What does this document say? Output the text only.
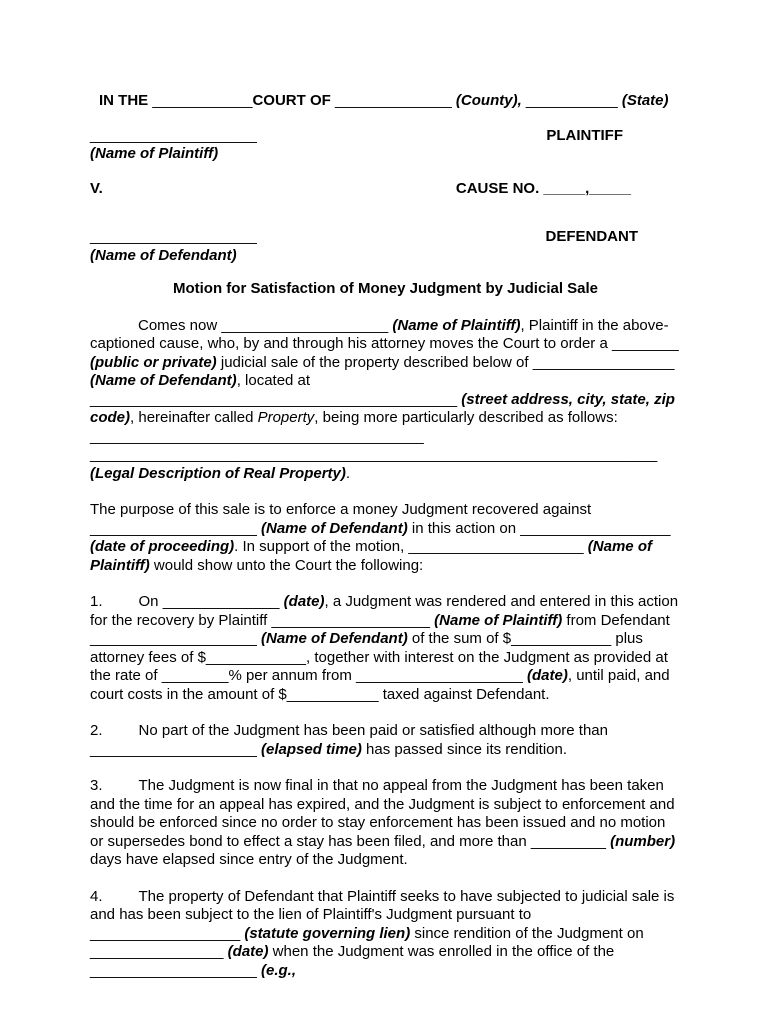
IN THE ____________COURT OF ______________ (County), ___________ (State)
____________________
(Name of Plaintiff)
PLAINTIFF
V.	CAUSE NO. _____,_____
____________________
(Name of Defendant)
DEFENDANT
Motion for Satisfaction of Money Judgment by Judicial Sale
Comes now ____________________ (Name of Plaintiff), Plaintiff in the above-captioned cause, who, by and through his attorney moves the Court to order a ________ (public or private) judicial sale of the property described below of _________________ (Name of Defendant), located at ____________________________________________ (street address, city, state, zip code), hereinafter called Property, being more particularly described as follows: ________________________________________ ____________________________________________________________________ (Legal Description of Real Property).
The purpose of this sale is to enforce a money Judgment recovered against ____________________ (Name of Defendant) in this action on __________________ (date of proceeding). In support of the motion, _____________________ (Name of Plaintiff) would show unto the Court the following:
1. On ______________ (date), a Judgment was rendered and entered in this action for the recovery by Plaintiff ___________________ (Name of Plaintiff) from Defendant ____________________ (Name of Defendant) of the sum of $____________ plus attorney fees of $____________, together with interest on the Judgment as provided at the rate of ________% per annum from ____________________ (date), until paid, and court costs in the amount of $___________ taxed against Defendant.
2. No part of the Judgment has been paid or satisfied although more than ____________________ (elapsed time) has passed since its rendition.
3. The Judgment is now final in that no appeal from the Judgment has been taken and the time for an appeal has expired, and the Judgment is subject to enforcement and should be enforced since no order to stay enforcement has been issued and no motion or supersedes bond to effect a stay has been filed, and more than _________ (number) days have elapsed since entry of the Judgment.
4. The property of Defendant that Plaintiff seeks to have subjected to judicial sale is and has been subject to the lien of Plaintiff's Judgment pursuant to __________________ (statute governing lien) since rendition of the Judgment on ________________ (date) when the Judgment was enrolled in the office of the ____________________ (e.g.,
